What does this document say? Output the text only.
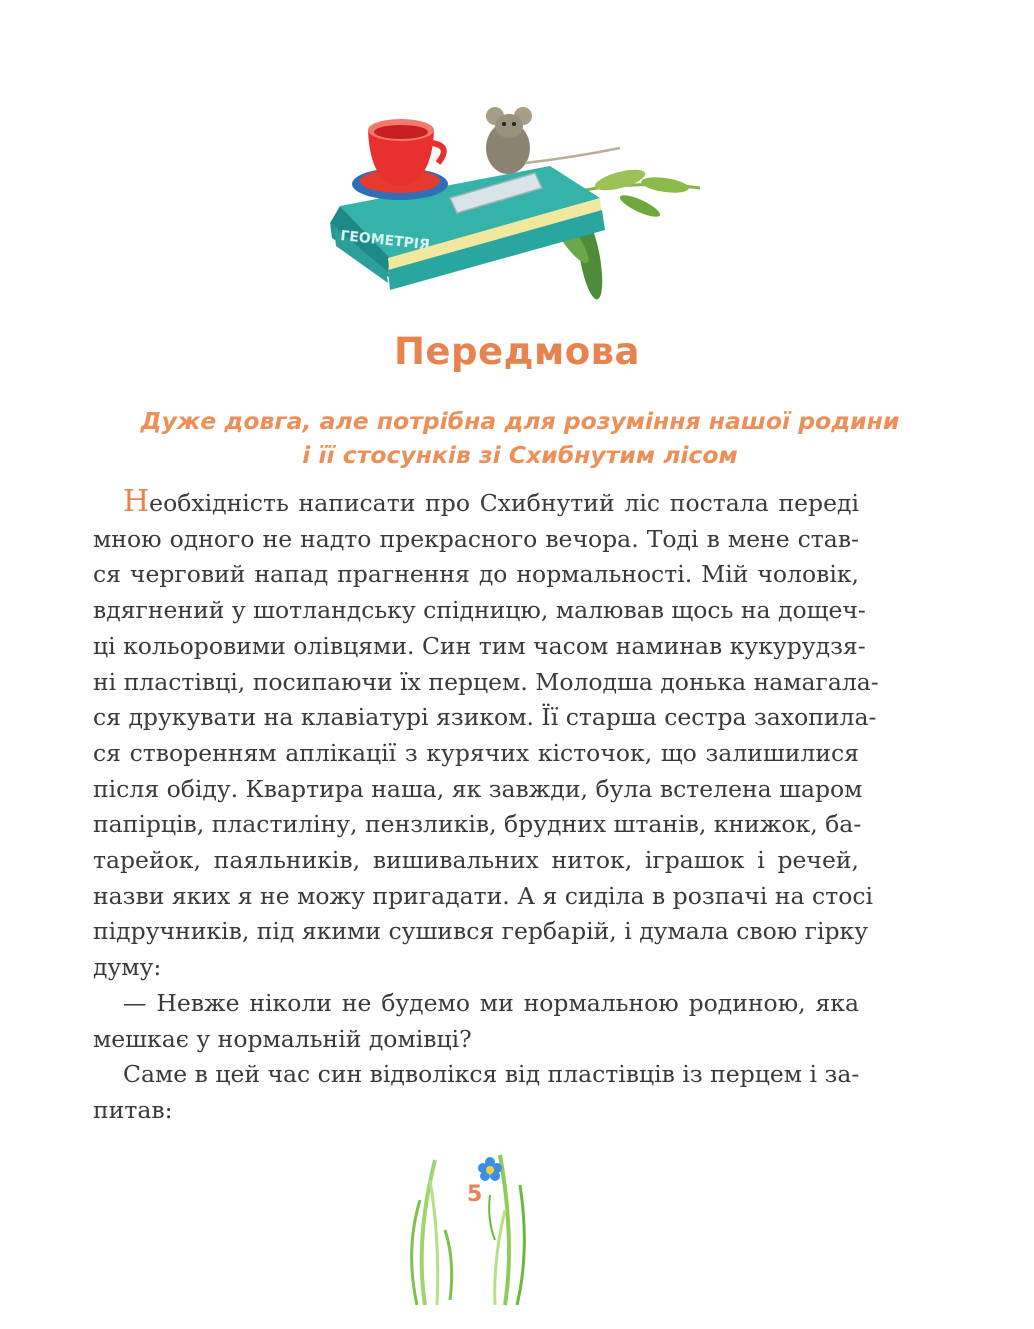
ГЕОМЕТРІЯ
Передмова
Дуже довга, але потрібна для розуміння нашої родини
і її стосунків зі Схибнутим лісом
Необхідність написати про Схибнутий ліс постала переді
мною одного не надто прекрасного вечора. Тоді в мене став-
ся черговий напад прагнення до нормальності. Мій чоловік,
вдягнений у шотландську спідницю, малював щось на дощеч-
ці кольоровими олівцями. Син тим часом наминав кукурудзя-
ні пластівці, посипаючи їх перцем. Молодша донька намагала-
ся друкувати на клавіатурі язиком. Її старша сестра захопила-
ся створенням аплікації з курячих кісточок, що залишилися
після обіду. Квартира наша, як завжди, була встелена шаром
папірців, пластиліну, пензликів, брудних штанів, книжок, ба-
тарейок, паяльників, вишивальних ниток, іграшок і речей,
назви яких я не можу пригадати. А я сиділа в розпачі на стосі
підручників, під якими сушився гербарій, і думала свою гірку
думу:
— Невже ніколи не будемо ми нормальною родиною, яка
мешкає у нормальній домівці?
Саме в цей час син відволікся від пластівців із перцем і за-
питав:
5
